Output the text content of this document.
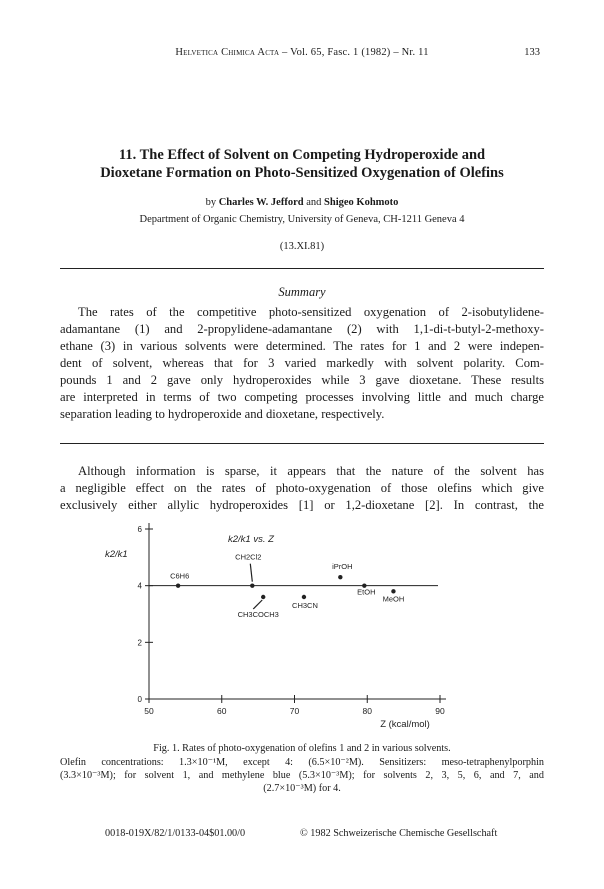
Helvetica Chimica Acta – Vol. 65, Fasc. 1 (1982) – Nr. 11	133
11. The Effect of Solvent on Competing Hydroperoxide and
Dioxetane Formation on Photo-Sensitized Oxygenation of Olefins
by Charles W. Jefford and Shigeo Kohmoto
Department of Organic Chemistry, University of Geneva, CH-1211 Geneva 4
(13.XI.81)
Summary
The rates of the competitive photo-sensitized oxygenation of 2-isobutylidene-
adamantane (1) and 2-propylidene-adamantane (2) with 1,1-di-t-butyl-2-methoxy-
ethane (3) in various solvents were determined. The rates for 1 and 2 were indepen-
dent of solvent, whereas that for 3 varied markedly with solvent polarity. Com-
pounds 1 and 2 gave only hydroperoxides while 3 gave dioxetane. These results
are interpreted in terms of two competing processes involving little and much charge
separation leading to hydroperoxide and dioxetane, respectively.
Although information is sparse, it appears that the nature of the solvent has
a negligible effect on the rates of photo-oxygenation of those olefins which give
exclusively either allylic hydroperoxides [1] or 1,2-dioxetane [2]. In contrast, the
0
2
4
6
50	60	70	80	90
k2/k1 vs. Z
k2/k1
Z (kcal/mol)
C6H6
CH2Cl2
CH3COCH3
CH3CN
iPrOH
EtOH
MeOH
Fig. 1. Rates of photo-oxygenation of olefins 1 and 2 in various solvents.
Olefin concentrations: 1.3×10⁻¹M, except 4: (6.5×10⁻²M). Sensitizers: meso-tetraphenylporphin
(3.3×10⁻³M); for solvent 1, and methylene blue (5.3×10⁻³M); for solvents 2, 3, 5, 6, and 7, and
(2.7×10⁻³M) for 4.
0018-019X/82/1/0133-04$01.00/0	© 1982 Schweizerische Chemische Gesellschaft
